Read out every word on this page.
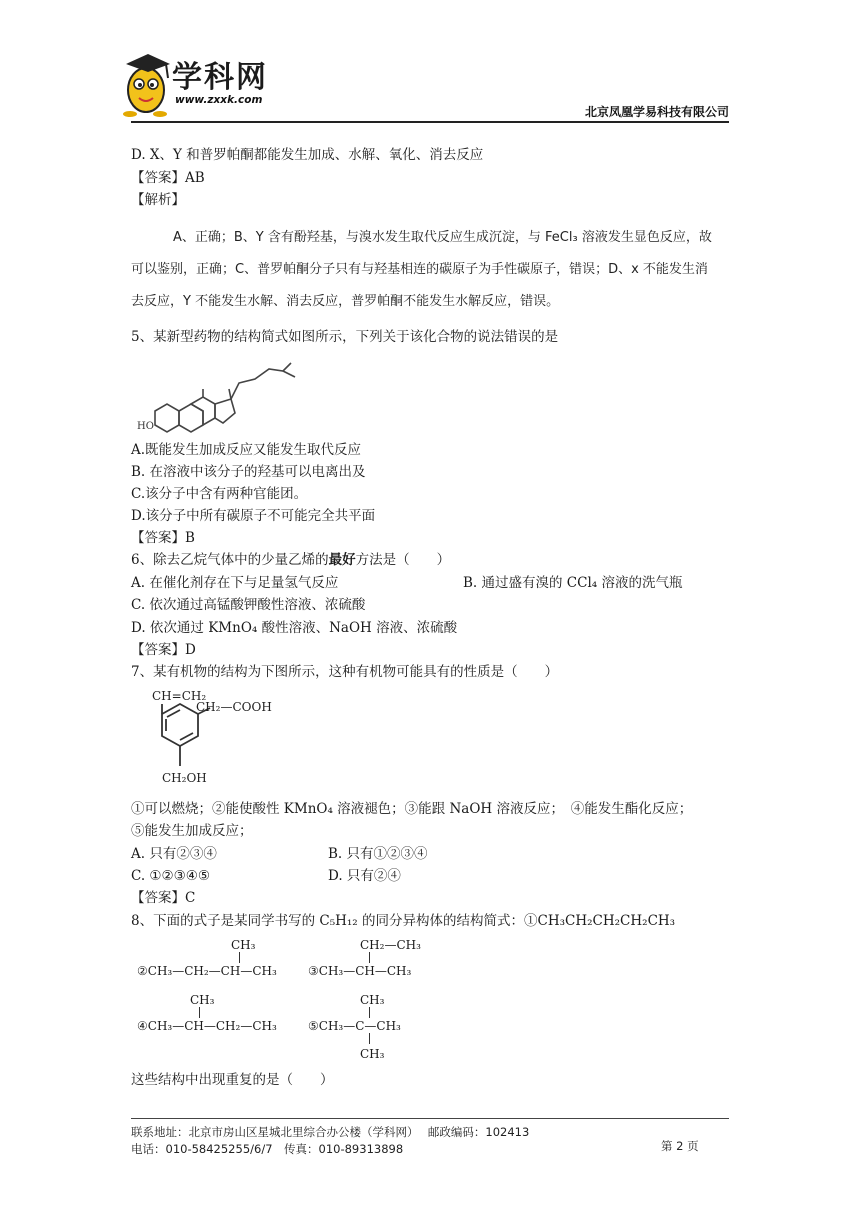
学科网
www.zxxk.com
北京凤凰学易科技有限公司
D. X、Y 和普罗帕酮都能发生加成、水解、氧化、消去反应
【答案】AB
【解析】

A、正确；B、Y 含有酚羟基，与溴水发生取代反应生成沉淀，与 FeCl₃ 溶液发生显色反应，故

可以鉴别，正确；C、普罗帕酮分子只有与羟基相连的碳原子为手性碳原子，错误；D、x 不能发生消

去反应，Y 不能发生水解、消去反应，普罗帕酮不能发生水解反应，错误。

5、某新型药物的结构简式如图所示，下列关于该化合物的说法错误的是
HO
A.既能发生加成反应又能发生取代反应
B. 在溶液中该分子的羟基可以电离出及
C.该分子中含有两种官能团。
D.该分子中所有碳原子不可能完全共平面
【答案】B
6、除去乙烷气体中的少量乙烯的最好方法是（　　）
A. 在催化剂存在下与足量氢气反应	B. 通过盛有溴的 CCl₄ 溶液的洗气瓶
C. 依次通过高锰酸钾酸性溶液、浓硫酸
D. 依次通过 KMnO₄ 酸性溶液、NaOH 溶液、浓硫酸
【答案】D
7、某有机物的结构为下图所示，这种有机物可能具有的性质是（　　）
CH=CH₂
CH₂—COOH
CH₂OH
①可以燃烧；②能使酸性 KMnO₄ 溶液褪色；③能跟 NaOH 溶液反应；　④能发生酯化反应；
⑤能发生加成反应；
A. 只有②③④	B. 只有①②③④
C. ①②③④⑤	D. 只有②④
【答案】C
8、下面的式子是某同学书写的 C₅H₁₂ 的同分异构体的结构简式：①CH₃CH₂CH₂CH₂CH₃
CH₃
②CH₃—CH₂—CH—CH₃
CH₂—CH₃
③CH₃—CH—CH₃
CH₃
④CH₃—CH—CH₂—CH₃
CH₃
⑤CH₃—C—CH₃
CH₃
这些结构中出现重复的是（　　）
联系地址：北京市房山区星城北里综合办公楼（学科网）　 邮政编码：102413
电话：010-58425255/6/7　传真：010-89313898	第 2 页
